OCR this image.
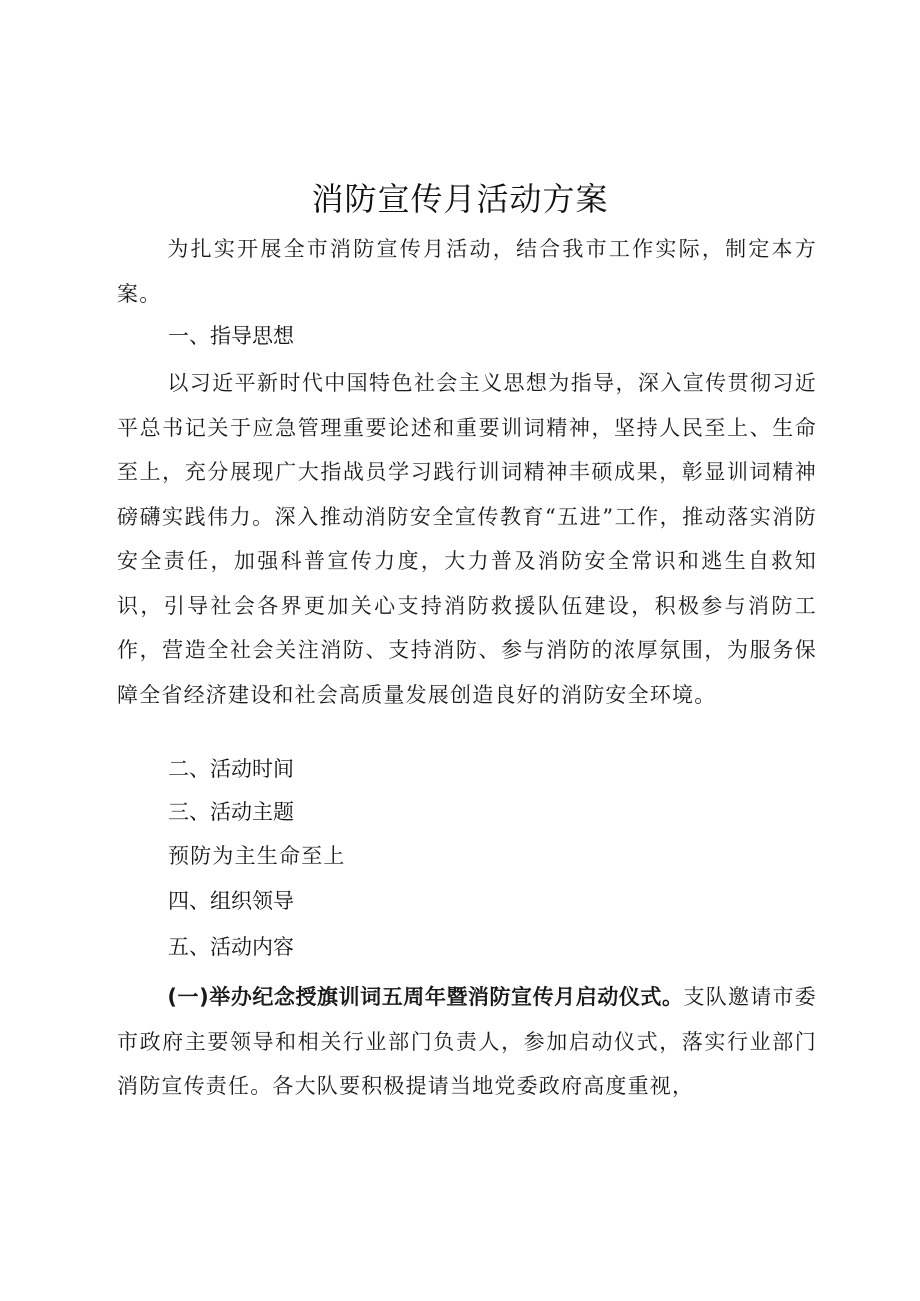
消防宣传月活动方案

为扎实开展全市消防宣传月活动，结合我市工作实际，制定本方案。

一、指导思想

以习近平新时代中国特色社会主义思想为指导，深入宣传贯彻习近平总书记关于应急管理重要论述和重要训词精神，坚持人民至上、生命至上，充分展现广大指战员学习践行训词精神丰硕成果，彰显训词精神磅礴实践伟力。深入推动消防安全宣传教育“五进”工作，推动落实消防安全责任，加强科普宣传力度，大力普及消防安全常识和逃生自救知识，引导社会各界更加关心支持消防救援队伍建设，积极参与消防工作，营造全社会关注消防、支持消防、参与消防的浓厚氛围，为服务保障全省经济建设和社会高质量发展创造良好的消防安全环境。

二、活动时间
三、活动主题
预防为主生命至上
四、组织领导
五、活动内容

(一)举办纪念授旗训词五周年暨消防宣传月启动仪式。支队邀请市委市政府主要领导和相关行业部门负责人，参加启动仪式，落实行业部门消防宣传责任。各大队要积极提请当地党委政府高度重视，
